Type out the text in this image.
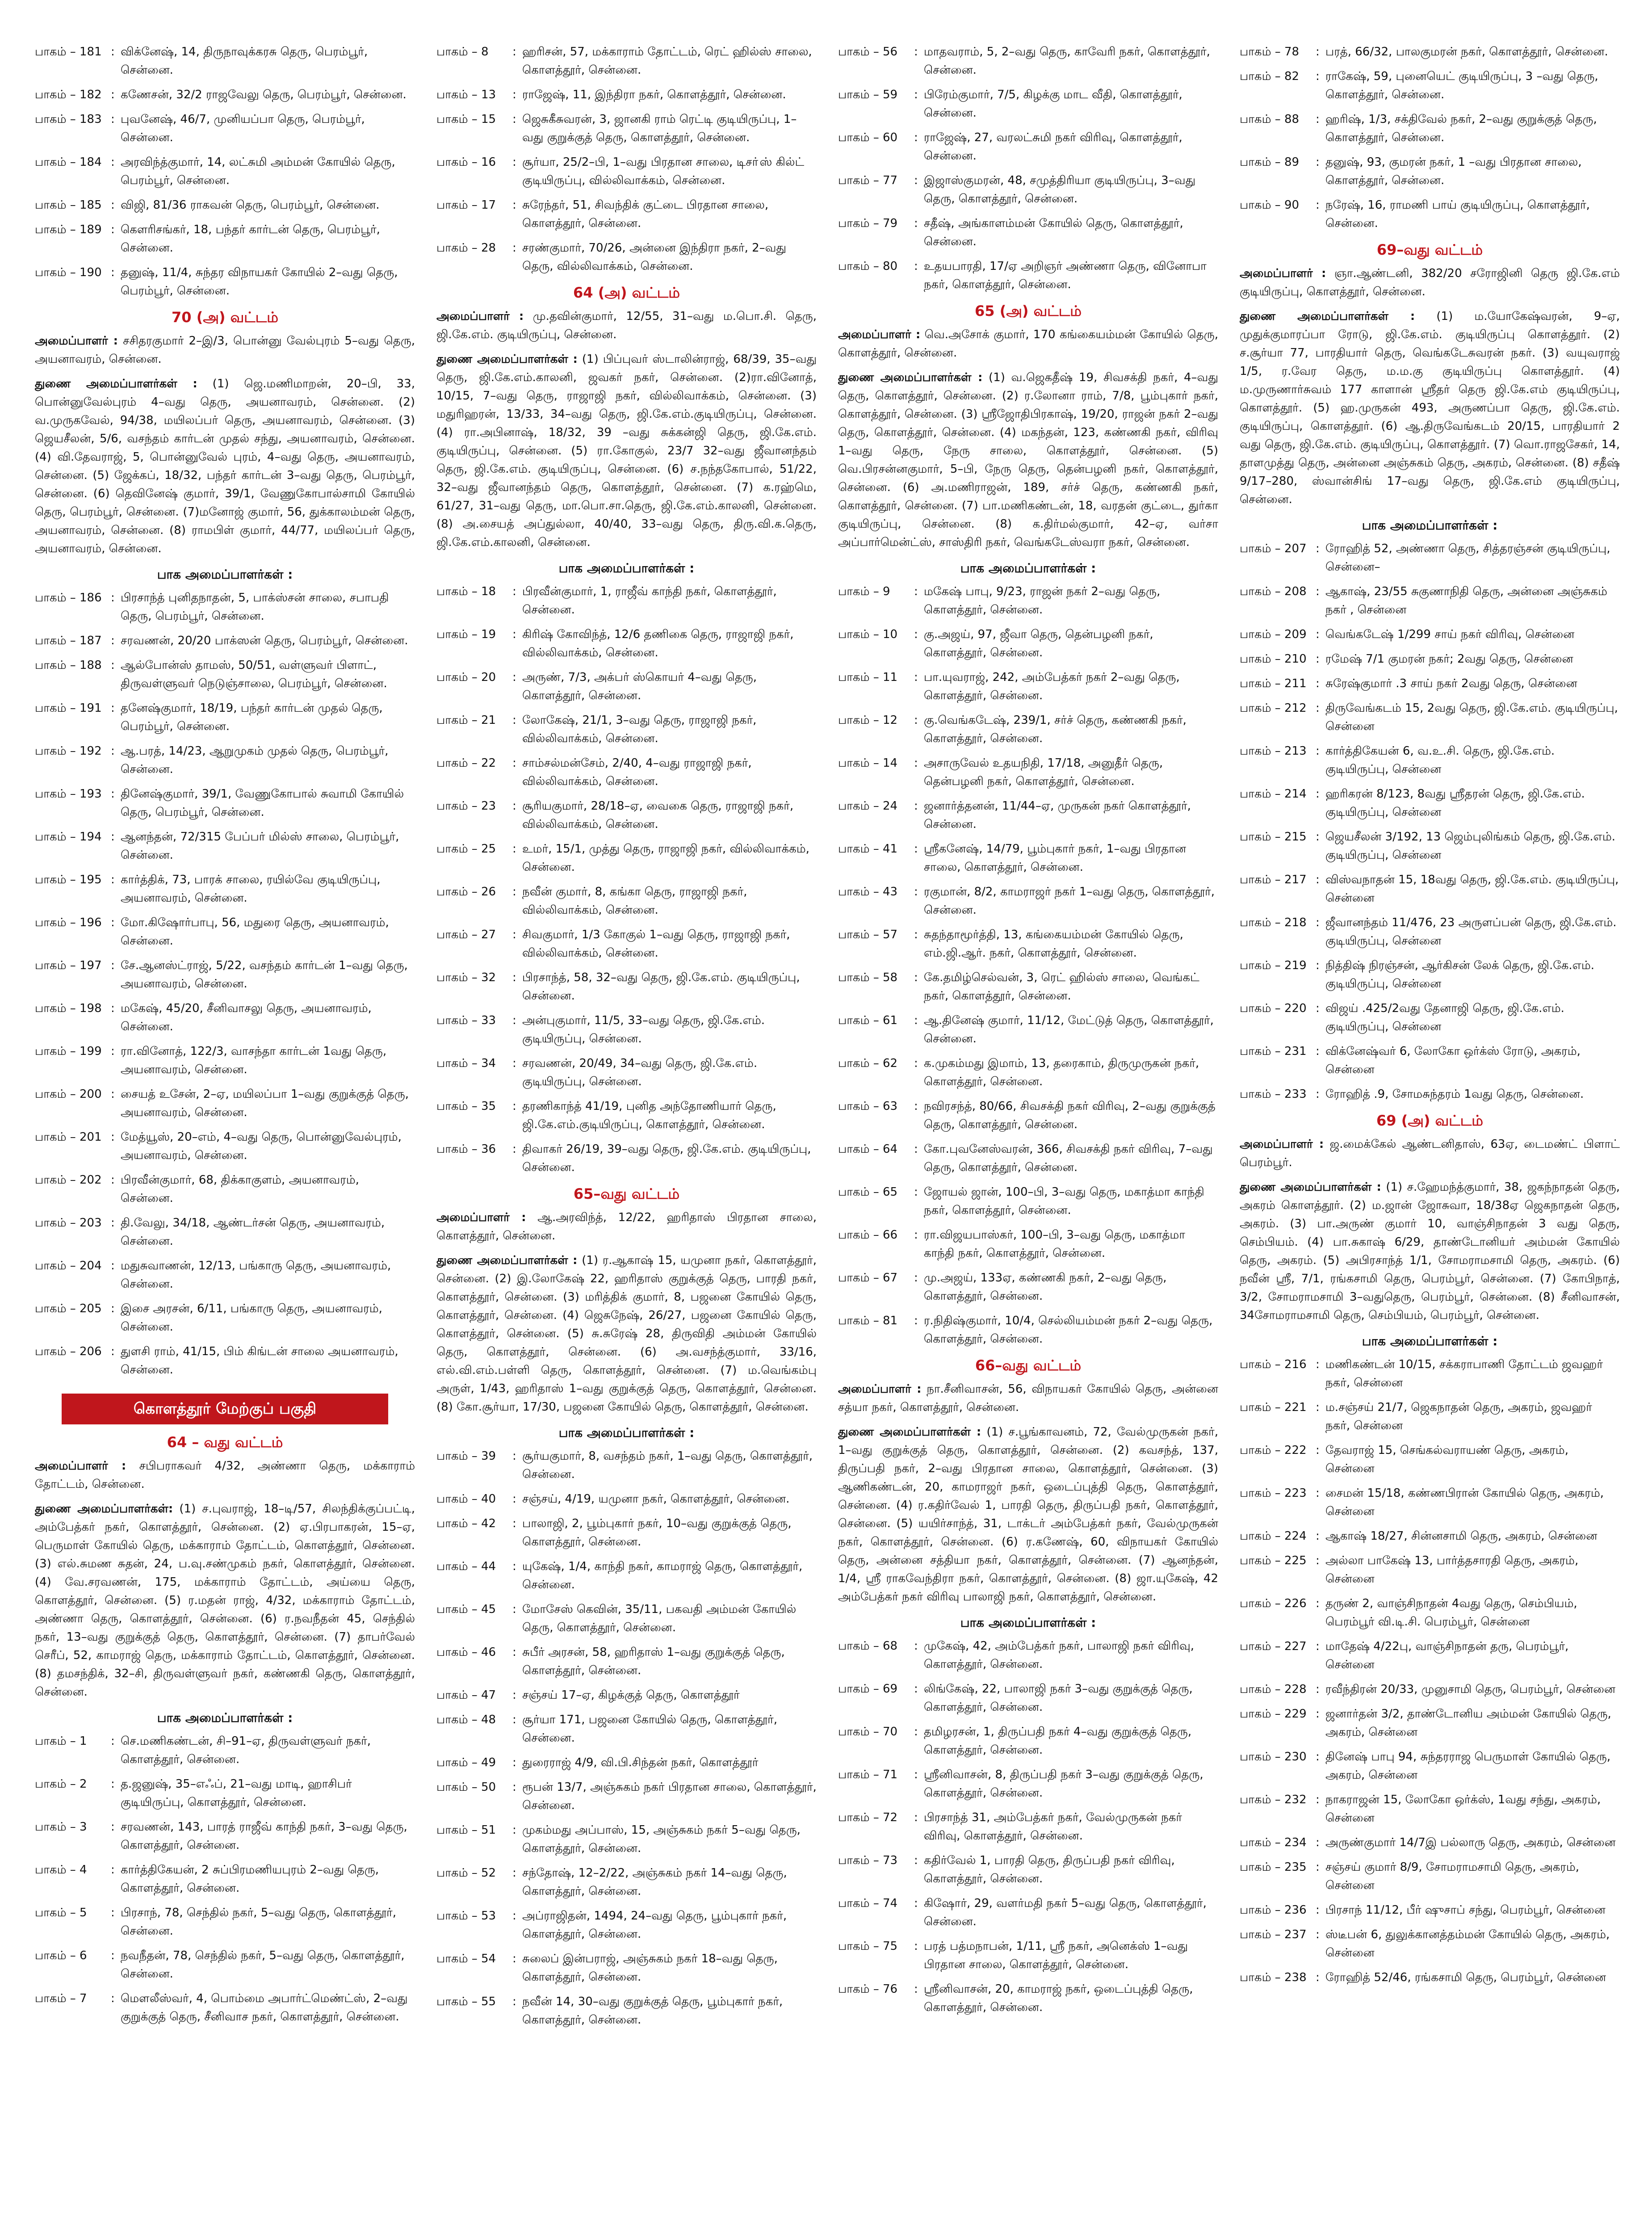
பாகம் – 181 : விக்னேஷ், 14, திருநாவுக்கரசு தெரு, பெரம்பூர், சென்னை.
பாகம் – 182 : கணேசன், 32/2 ராஜவேலு தெரு, பெரம்பூர், சென்னை.
பாகம் – 183 : புவனேஷ், 46/7, முனியப்பா தெரு, பெரம்பூர், சென்னை.
பாகம் – 184 : அரவிந்த்குமார், 14, லட்சுமி அம்மன் கோயில் தெரு, பெரம்பூர், சென்னை.
பாகம் – 185 : விஜி, 81/36 ராகவன் தெரு, பெரம்பூர், சென்னை.
பாகம் – 189 : கௌரிசங்கர், 18, பந்தர் கார்டன் தெரு, பெரம்பூர், சென்னை.
பாகம் – 190 : தனுஷ், 11/4, சுந்தர விநாயகர் கோயில் 2–வது தெரு, பெரம்பூர், சென்னை.
70 (அ) வட்டம்

அமைப்பாளர் : சசிதரகுமார் 2–இ/3, பொன்னு வேல்புரம் 5–வது தெரு, அயனாவரம், சென்னை.

துணை அமைப்பாளர்கள் : (1) ஜெ.மணிமாறன், 20–பி, 33, பொன்னுவேல்புரம் 4–வது தெரு, அயனாவரம், சென்னை. (2) வ.முருகவேல், 94/38, மயிலப்பர் தெரு, அயனாவரம், சென்னை. (3) ஜெயசீலன், 5/6, வசந்தம் கார்டன் முதல் சந்து, அயனாவரம், சென்னை. (4) வி.தேவராஜ், 5, பொன்னுவேல் புரம், 4–வது தெரு, அயனாவரம், சென்னை. (5) ஜேக்கப், 18/32, பந்தர் கார்டன் 3–வது தெரு, பெரம்பூர், சென்னை. (6) தெவினேஷ் குமார், 39/1, வேணுகோபால்சாமி கோயில் தெரு, பெரம்பூர், சென்னை. (7)மனோஜ் குமார், 56, துக்காலம்மன் தெரு, அயனாவரம், சென்னை. (8) ராமபிள் குமார், 44/77, மயிலப்பர் தெரு, அயனாவரம், சென்னை.

பாக அமைப்பாளர்கள் :
பாகம் – 186 : பிரசாந்த் புனிதநாதன், 5, பாக்ஸ்சன் சாலை, சபாபதி தெரு, பெரம்பூர், சென்னை.
பாகம் – 187 : சரவணன், 20/20 பாக்ஸன் தெரு, பெரம்பூர், சென்னை.
பாகம் – 188 : ஆல்போன்ஸ் தாமஸ், 50/51, வள்ளுவர் பிளாட், திருவள்ளுவர் நெடுஞ்சாலை, பெரம்பூர், சென்னை.
பாகம் – 191 : தனேஷ்குமார், 18/19, பந்தர் கார்டன் முதல் தெரு, பெரம்பூர், சென்னை.
பாகம் – 192 : ஆ.பரத், 14/23, ஆறுமுகம் முதல் தெரு, பெரம்பூர், சென்னை.
பாகம் – 193 : தினேஷ்குமார், 39/1, வேணுகோபால் சுவாமி கோயில் தெரு, பெரம்பூர், சென்னை.
பாகம் – 194 : ஆனந்தன், 72/315 பேப்பர் மில்ஸ் சாலை, பெரம்பூர், சென்னை.
பாகம் – 195 : கார்த்திக், 73, பாரக் சாலை, ரயில்வே குடியிருப்பு, அயனாவரம், சென்னை.
பாகம் – 196 : மோ.கிஷோர்பாபு, 56, மதுரை தெரு, அயனாவரம், சென்னை.
பாகம் – 197 : சே.ஆனஸ்ட்ராஜ், 5/22, வசந்தம் கார்டன் 1–வது தெரு, அயனாவரம், சென்னை.
பாகம் – 198 : மகேஷ், 45/20, சீனிவாசலு தெரு, அயனாவரம், சென்னை.
பாகம் – 199 : ரா.வினோத், 122/3, வாசந்தா கார்டன் 1வது தெரு, அயனாவரம், சென்னை.
பாகம் – 200 : சையத் உசேன், 2–ஏ, மயிலப்பா 1–வது குறுக்குத் தெரு, அயனாவரம், சென்னை.
பாகம் – 201 : மேத்யூஸ், 20–எம், 4–வது தெரு, பொன்னுவேல்புரம், அயனாவரம், சென்னை.
பாகம் – 202 : பிரவீன்குமார், 68, திக்காகுளம், அயனாவரம், சென்னை.
பாகம் – 203 : தி.வேலு, 34/18, ஆண்டர்சன் தெரு, அயனாவரம், சென்னை.
பாகம் – 204 : மதுசுவாணன், 12/13, பங்காரு தெரு, அயனாவரம், சென்னை.
பாகம் – 205 : இசை அரசன், 6/11, பங்காரு தெரு, அயனாவரம், சென்னை.
பாகம் – 206 : துளசி ராம், 41/15, பிம் கிங்டன் சாலை அயனாவரம், சென்னை.
கொளத்தூர் மேற்குப் பகுதி
64 – வது வட்டம்

அமைப்பாளர் : சபிபராகவர் 4/32, அண்ணா தெரு, மக்காராம் தோட்டம், சென்னை.

துணை அமைப்பாளர்கள்: (1) ச.புவராஜ், 18–டி/57, சிலந்திக்குப்பட்டி, அம்பேத்கர் நகர், கொளத்தூர், சென்னை. (2) ஏ.பிரபாகரன், 15–ஏ, பெருமாள் கோயில் தெரு, மக்காராம் தோட்டம், கொளத்தூர், சென்னை. (3) எல்.சுமண சுதன், 24, ப.வு.சண்முகம் நகர், கொளத்தூர், சென்னை. (4) வே.சரவணன், 175, மக்காராம் தோட்டம், அய்யை தெரு, கொளத்தூர், சென்னை. (5) ர.மதன் ராஜ், 4/32, மக்காராம் தோட்டம், அண்ணா தெரு, கொளத்தூர், சென்னை. (6) ர.நவநீதன் 45, செந்தில் நகர், 13–வது குறுக்குத் தெரு, கொளத்தூர், சென்னை. (7) தாபர்வேல் செரீப், 52, காமராஜ் தெரு, மக்காராம் தோட்டம், கொளத்தூர், சென்னை. (8) தமசந்திக், 32–சி, திருவள்ளுவர் நகர், கண்ணகி தெரு, கொளத்தூர், சென்னை.

பாக அமைப்பாளர்கள் :
பாகம் – 1	: செ.மணிகண்டன், சி–91–ஏ, திருவள்ளுவர் நகர், கொளத்தூர், சென்னை.
பாகம் – 2	: த.ஜனுஷ், 35–எஃப், 21–வது மாடி, ஹாசிபர் குடியிருப்பு, கொளத்தூர், சென்னை.
பாகம் – 3	: சரவணன், 143, பாரத் ராஜீவ் காந்தி நகர், 3–வது தெரு, கொளத்தூர், சென்னை.
பாகம் – 4	: கார்த்திகேயன், 2 சுப்பிரமணியபுரம் 2–வது தெரு, கொளத்தூர், சென்னை.
பாகம் – 5	: பிரசாந், 78, செந்தில் நகர், 5–வது தெரு, கொளத்தூர், சென்னை.
பாகம் – 6	: நவநீதன், 78, செந்தில் நகர், 5–வது தெரு, கொளத்தூர், சென்னை.
பாகம் – 7	: மௌலீஸ்வர், 4, பொம்மை அபார்ட்மெண்ட்ஸ், 2–வது குறுக்குத் தெரு, சீனிவாச நகர், கொளத்தூர், சென்னை.
பாகம் – 8	: ஹரிசன், 57, மக்காராம் தோட்டம், ரெட் ஹில்ஸ் சாலை, கொளத்தூர், சென்னை.
பாகம் – 13	: ராஜேஷ், 11, இந்திரா நகர், கொளத்தூர், சென்னை.
பாகம் – 15	: ஜெசுகீசுவரன், 3, ஜானகி ராம் ரெட்டி குடியிருப்பு, 1–வது குறுக்குத் தெரு, கொளத்தூர், சென்னை.
பாகம் – 16	: சூர்யா, 25/2–பி, 1–வது பிரதான சாலை, டிசா்ஸ் கில்ட் குடியிருப்பு, வில்லிவாக்கம், சென்னை.
பாகம் – 17	: சுரேந்தர், 51, சிவந்திக் குட்டை பிரதான சாலை, கொளத்தூர், சென்னை.
பாகம் – 28	: சரண்குமார், 70/26, அன்னை இந்திரா நகர், 2–வது தெரு, வில்லிவாக்கம், சென்னை.
64 (அ) வட்டம்

அமைப்பாளர் : மு.தவின்குமார், 12/55, 31–வது ம.பொ.சி. தெரு, ஜி.கே.எம். குடியிருப்பு, சென்னை.

துணை அமைப்பாளர்கள் : (1) பிப்புவர் ஸ்டாலின்ராஜ், 68/39, 35–வது தெரு, ஜி.கே.எம்.காலனி, ஜவகர் நகர், சென்னை. (2)ரா.வினோத், 10/15, 7–வது தெரு, ராஜாஜி நகர், வில்லிவாக்கம், சென்னை. (3) மதுரிஹரன், 13/33, 34–வது தெரு, ஜி.கே.எம்.குடியிருப்பு, சென்னை. (4) ரா.அபினாஷ், 18/32, 39 –வது சுக்கன்ஜி தெரு, ஜி.கே.எம். குடியிருப்பு, சென்னை. (5) ரா.கோகுல், 23/7 32–வது ஜீவானந்தம் தெரு, ஜி.கே.எம். குடியிருப்பு, சென்னை. (6) ச.நந்தகோபால், 51/22, 32–வது ஜீவானந்தம் தெரு, கொளத்தூர், சென்னை. (7) க.ரஹ்மெ, 61/27, 31–வது தெரு, மா.பொ.சா.தெரு, ஜி.கே.எம்.காலனி, சென்னை. (8) அ.சையத் அப்துல்லா, 40/40, 33–வது தெரு, திரு.வி.க.தெரு, ஜி.கே.எம்.காலனி, சென்னை.

பாக அமைப்பாளர்கள் :
பாகம் – 18	: பிரவீன்குமார், 1, ராஜீவ் காந்தி நகர், கொளத்தூர், சென்னை.
பாகம் – 19	: கிரிஷ் கோவிந்த், 12/6 தணிகை தெரு, ராஜாஜி நகர், வில்லிவாக்கம், சென்னை.
பாகம் – 20	: அருண், 7/3, அக்பர் ஸ்கொயர் 4–வது தெரு, கொளத்தூர், சென்னை.
பாகம் – 21	: லோகேஷ், 21/1, 3–வது தெரு, ராஜாஜி நகர், வில்லிவாக்கம், சென்னை.
பாகம் – 22	: சாம்சல்மன்சேம், 2/40, 4–வது ராஜாஜி நகர், வில்லிவாக்கம், சென்னை.
பாகம் – 23	: சூரியகுமார், 28/18–ஏ, வைகை தெரு, ராஜாஜி நகர், வில்லிவாக்கம், சென்னை.
பாகம் – 25	: உமர், 15/1, முத்து தெரு, ராஜாஜி நகர், வில்லிவாக்கம், சென்னை.
பாகம் – 26	: நவீன் குமார், 8, கங்கா தெரு, ராஜாஜி நகர், வில்லிவாக்கம், சென்னை.
பாகம் – 27	: சிவகுமார், 1/3 கோகுல் 1–வது தெரு, ராஜாஜி நகர், வில்லிவாக்கம், சென்னை.
பாகம் – 32	: பிரசாந்த், 58, 32–வது தெரு, ஜி.கே.எம். குடியிருப்பு, சென்னை.
பாகம் – 33	: அன்புகுமார், 11/5, 33–வது தெரு, ஜி.கே.எம். குடியிருப்பு, சென்னை.
பாகம் – 34	: சரவணன், 20/49, 34–வது தெரு, ஜி.கே.எம். குடியிருப்பு, சென்னை.
பாகம் – 35	: தரணிகாந்த் 41/19, புனித அந்தோணியார் தெரு, ஜி.கே.எம்.குடியிருப்பு, கொளத்தூர், சென்னை.
பாகம் – 36	: திவாகர் 26/19, 39–வது தெரு, ஜி.கே.எம். குடியிருப்பு, சென்னை.
65–வது வட்டம்

அமைப்பாளர் : ஆ.அரவிந்த், 12/22, ஹரிதாஸ் பிரதான சாலை, கொளத்தூர், சென்னை.

துணை அமைப்பாளர்கள் : (1) ர.ஆகாஷ் 15, யமுனா நகர், கொளத்தூர், சென்னை. (2) இ.லோகேஷ் 22, ஹரிதாஸ் குறுக்குத் தெரு, பாரதி நகர், கொளத்தூர், சென்னை. (3) மரித்திக் குமார், 8, பஜனை கோயில் தெரு, கொளத்தூர், சென்னை. (4) ஜெசுநேஷ், 26/27, பஜனை கோயில் தெரு, கொளத்தூர், சென்னை. (5) சு.சுரேஷ் 28, திருவிதி அம்மன் கோயில் தெரு, கொளத்தூர், சென்னை. (6) அ.வசந்த்குமார், 33/16, எல்.வி.எம்.பள்ளி தெரு, கொளத்தூர், சென்னை. (7) ம.வெங்கம்பு அருள், 1/43, ஹரிதாஸ் 1–வது குறுக்குத் தெரு, கொளத்தூர், சென்னை. (8) கோ.சூர்யா, 17/30, பஜனை கோயில் தெரு, கொளத்தூர், சென்னை.

பாக அமைப்பாளர்கள் :
பாகம் – 39	: சூர்யகுமார், 8, வசந்தம் நகர், 1–வது தெரு, கொளத்தூர், சென்னை.
பாகம் – 40	: சஞ்சய், 4/19, யமுனா நகர், கொளத்தூர், சென்னை.
பாகம் – 42	: பாலாஜி, 2, பூம்புகார் நகர், 10–வது குறுக்குத் தெரு, கொளத்தூர், சென்னை.
பாகம் – 44	: யுகேஷ், 1/4, காந்தி நகர், காமராஜ் தெரு, கொளத்தூர், சென்னை.
பாகம் – 45	: மோசேஸ் கெவின், 35/11, பகவதி அம்மன் கோயில் தெரு, கொளத்தூர், சென்னை.
பாகம் – 46	: சுபீர் அரசன், 58, ஹரிதாஸ் 1–வது குறுக்குத் தெரு, கொளத்தூர், சென்னை.
பாகம் – 47	: சஞ்சய் 17–ஏ, கிழக்குத் தெரு, கொளத்தூர்
பாகம் – 48	: சூர்யா 171, பஜனை கோயில் தெரு, கொளத்தூர், சென்னை.
பாகம் – 49	: துரைராஜ் 4/9, வி.பி.சிந்தன் நகர், கொளத்தூர்
பாகம் – 50	: ரூபன் 13/7, அஞ்சுகம் நகர் பிரதான சாலை, கொளத்தூர், சென்னை.
பாகம் – 51	: முகம்மது அப்பாஸ், 15, அஞ்சுகம் நகர் 5–வது தெரு, கொளத்தூர், சென்னை.
பாகம் – 52	: சந்தோஷ், 12–2/22, அஞ்சுகம் நகர் 14–வது தெரு, கொளத்தூர், சென்னை.
பாகம் – 53	: அப்ராஜிதன், 1494, 24–வது தெரு, பூம்புகார் நகர், கொளத்தூர், சென்னை.
பாகம் – 54	: சுலைப் இன்பராஜ், அஞ்சுகம் நகர் 18–வது தெரு, கொளத்தூர், சென்னை.
பாகம் – 55	: நவீன் 14, 30–வது குறுக்குத் தெரு, பூம்புகார் நகர், கொளத்தூர், சென்னை.
பாகம் – 56	: மாதவராம், 5, 2–வது தெரு, காவேரி நகர், கொளத்தூர், சென்னை.
பாகம் – 59	: பிரேம்குமார், 7/5, கிழக்கு மாட வீதி, கொளத்தூர், சென்னை.
பாகம் – 60	: ராஜேஷ், 27, வரலட்சுமி நகர் விரிவு, கொளத்தூர், சென்னை.
பாகம் – 77	: இஜாஸ்குமரன், 48, சமுத்திரியா குடியிருப்பு, 3–வது தெரு, கொளத்தூர், சென்னை.
பாகம் – 79	: சதீஷ், அங்காளம்மன் கோயில் தெரு, கொளத்தூர், சென்னை.
பாகம் – 80	: உதயபாரதி, 17/ஏ அறிஞர் அண்ணா தெரு, வினோபா நகர், கொளத்தூர், சென்னை.
65 (அ) வட்டம்

அமைப்பாளர் : வெ.அசோக் குமார், 170 கங்கையம்மன் கோயில் தெரு, கொளத்தூர், சென்னை.

துணை அமைப்பாளர்கள் : (1) வ.ஜெகதீஷ் 19, சிவசக்தி நகர், 4–வது தெரு, கொளத்தூர், சென்னை. (2) ர.லோனா ராம், 7/8, பூம்புகார் நகர், கொளத்தூர், சென்னை. (3) ஸ்ரீஜோதிபிரகாஷ், 19/20, ராஜன் நகர் 2–வது தெரு, கொளத்தூர், சென்னை. (4) மகந்தன், 123, கண்ணகி நகர், விரிவு 1–வது தெரு, நேரு சாலை, கொளத்தூர், சென்னை. (5) வெ.பிரசன்னகுமார், 5–பி, நேரு தெரு, தென்பழனி நகர், கொளத்தூர், சென்னை. (6) அ.மணிராஜன், 189, சர்ச் தெரு, கண்ணகி நகர், கொளத்தூர், சென்னை. (7) பா.மணிகண்டன், 18, வரதன் குட்டை, துர்கா குடியிருப்பு, சென்னை. (8) க.திர்மல்குமார், 42–ஏ, வர்சா அப்பார்மென்ட்ஸ், சாஸ்திரி நகர், வெங்கடேஸ்வரா நகர், சென்னை.

பாக அமைப்பாளர்கள் :
பாகம் – 9	: மகேஷ் பாபு, 9/23, ராஜன் நகர் 2–வது தெரு, கொளத்தூர், சென்னை.
பாகம் – 10	: கு.அஜய், 97, ஜீவா தெரு, தென்பழனி நகர், கொளத்தூர், சென்னை.
பாகம் – 11	: பா.யுவராஜ், 242, அம்பேத்கர் நகர் 2–வது தெரு, கொளத்தூர், சென்னை.
பாகம் – 12	: கு.வெங்கடேஷ், 239/1, சர்ச் தெரு, கண்ணகி நகர், கொளத்தூர், சென்னை.
பாகம் – 14	: அசாருவேல் உதயநிதி, 17/18, அனுதீர் தெரு, தென்பழனி நகர், கொளத்தூர், சென்னை.
பாகம் – 24	: ஜனார்த்தனன், 11/44–ஏ, முருகன் நகர் கொளத்தூர், சென்னை.
பாகம் – 41	: ஸ்ரீகனேஷ், 14/79, பூம்புகார் நகர், 1–வது பிரதான சாலை, கொளத்தூர், சென்னை.
பாகம் – 43	: ரகுமான், 8/2, காமராஜர் நகர் 1–வது தெரு, கொளத்தூர், சென்னை.
பாகம் – 57	: சுதந்தாமூர்த்தி, 13, கங்கையம்மன் கோயில் தெரு, எம்.ஜி.ஆர். நகர், கொளத்தூர், சென்னை.
பாகம் – 58	: கே.தமிழ்செல்வன், 3, ரெட் ஹில்ஸ் சாலை, வெங்கட் நகர், கொளத்தூர், சென்னை.
பாகம் – 61	: ஆ.தினேஷ் குமார், 11/12, மேட்டுத் தெரு, கொளத்தூர், சென்னை.
பாகம் – 62	: க.முகம்மது இமாம், 13, தரைகாம், திருமுருகன் நகர், கொளத்தூர், சென்னை.
பாகம் – 63	: நவிரசந்த், 80/66, சிவசக்தி நகர் விரிவு, 2–வது குறுக்குத் தெரு, கொளத்தூர், சென்னை.
பாகம் – 64	: கோ.புவனேஸ்வரன், 366, சிவசக்தி நகர் விரிவு, 7–வது தெரு, கொளத்தூர், சென்னை.
பாகம் – 65	: ஜோயல் ஜான், 100–பி, 3–வது தெரு, மகாத்மா காந்தி நகர், கொளத்தூர், சென்னை.
பாகம் – 66	: ரா.விஜயபாஸ்கர், 100–பி, 3–வது தெரு, மகாத்மா காந்தி நகர், கொளத்தூர், சென்னை.
பாகம் – 67	: மு.அஜய், 133ஏ, கண்ணகி நகர், 2–வது தெரு, கொளத்தூர், சென்னை.
பாகம் – 81	: ர.நிதிஷ்குமார், 10/4, செல்லியம்மன் நகர் 2–வது தெரு, கொளத்தூர், சென்னை.
66–வது வட்டம்

அமைப்பாளர் : நா.சீனிவாசன், 56, விநாயகர் கோயில் தெரு, அன்னை சத்யா நகர், கொளத்தூர், சென்னை.

துணை அமைப்பாளர்கள் : (1) ச.பூங்காவனம், 72, வேல்முருகன் நகர், 1–வது குறுக்குத் தெரு, கொளத்தூர், சென்னை. (2) கவசந்த், 137, திருப்பதி நகர், 2–வது பிரதான சாலை, கொளத்தூர், சென்னை. (3) ஆணிகண்டன், 20, காமராஜர் நகர், ஒடைப்புத்தி தெரு, கொளத்தூர், சென்னை. (4) ர.கதிர்வேல் 1, பாரதி தெரு, திருப்பதி நகர், கொளத்தூர், சென்னை. (5) யயிர்சாந்த், 31, டாக்டர் அம்பேத்கர் நகர், வேல்முருகன் நகர், கொளத்தூர், சென்னை. (6) ர.கணேஷ், 60, விநாயகர் கோயில் தெரு, அன்னை சத்தியா நகர், கொளத்தூர், சென்னை. (7) ஆனந்தன், 1/4, ஸ்ரீ ராகவேந்திரா நகர், கொளத்தூர், சென்னை. (8) ஜா.யுகேஷ், 42 அம்பேத்கர் நகர் விரிவு பாலாஜி நகர், கொளத்தூர், சென்னை.

பாக அமைப்பாளர்கள் :
பாகம் – 68	: முகேஷ், 42, அம்பேத்கர் நகர், பாலாஜி நகர் விரிவு, கொளத்தூர், சென்னை.
பாகம் – 69	: லிங்கேஷ், 22, பாலாஜி நகர் 3–வது குறுக்குத் தெரு, கொளத்தூர், சென்னை.
பாகம் – 70	: தமிழரசன், 1, திருப்பதி நகர் 4–வது குறுக்குத் தெரு, கொளத்தூர், சென்னை.
பாகம் – 71	: ஸ்ரீனிவாசன், 8, திருப்பதி நகர் 3–வது குறுக்குத் தெரு, கொளத்தூர், சென்னை.
பாகம் – 72	: பிரசாந்த் 31, அம்பேத்கர் நகர், வேல்முருகன் நகர் விரிவு, கொளத்தூர், சென்னை.
பாகம் – 73	: கதிர்வேல் 1, பாரதி தெரு, திருப்பதி நகர் விரிவு, கொளத்தூர், சென்னை.
பாகம் – 74	: கிஷோர், 29, வளர்மதி நகர் 5–வது தெரு, கொளத்தூர், சென்னை.
பாகம் – 75	: பரத் பத்மநாபன், 1/11, ஸ்ரீ நகர், அனெக்ஸ் 1–வது பிரதான சாலை, கொளத்தூர், சென்னை.
பாகம் – 76	: ஸ்ரீனிவாசன், 20, காமராஜ் நகர், ஒடைப்புத்தி தெரு, கொளத்தூர், சென்னை.
பாகம் – 78	: பரத், 66/32, பாலகுமரன் நகர், கொளத்தூர், சென்னை.
பாகம் – 82	: ராகேஷ், 59, புனையெட் குடியிருப்பு, 3 –வது தெரு, கொளத்தூர், சென்னை.
பாகம் – 88	: ஹரிஷ், 1/3, சக்திவேல் நகர், 2–வது குறுக்குத் தெரு, கொளத்தூர், சென்னை.
பாகம் – 89	: தனுஷ், 93, குமரன் நகர், 1 –வது பிரதான சாலை, கொளத்தூர், சென்னை.
பாகம் – 90	: நரேஷ், 16, ராமணி பாய் குடியிருப்பு, கொளத்தூர், சென்னை.
69–வது வட்டம்

அமைப்பாளர் : ஞா.ஆண்டனி, 382/20 சரோஜினி தெரு ஜி.கே.எம் குடியிருப்பு, கொளத்தூர், சென்னை.

துணை அமைப்பாளர்கள் : (1) ம.யோகேஷ்வரன், 9–ஏ, முதுக்குமாரப்பா ரோடு, ஜி.கே.எம். குடியிருப்பு கொளத்தூர். (2) ச.சூர்யா 77, பாரதியார் தெரு, வெங்கடேசுவரன் நகர். (3) வயுவராஜ் 1/5, ர.வேர தெரு, ம.ம.கு குடியிருப்பு கொளத்தூர். (4) ம.முருணார்சுவம் 177 காளான் ஸ்ரீதர் தெரு ஜி.கே.எம் குடியிருப்பு, கொளத்தூர். (5) ஹ.முருகன் 493, அருணப்பா தெரு, ஜி.கே.எம். குடியிருப்பு, கொளத்தூர். (6) ஆ.திருவேங்கடம் 20/15, பாரதியார் 2 வது தெரு, ஜி.கே.எம். குடியிருப்பு, கொளத்தூர். (7) வொ.ராஜசேகர், 14, தாளமுத்து தெரு, அன்னை அஞ்சுகம் தெரு, அகரம், சென்னை. (8) சதீஷ் 9/17–280, ஸ்வான்சிங் 17–வது தெரு, ஜி.கே.எம் குடியிருப்பு, சென்னை.

பாக அமைப்பாளர்கள் :
பாகம் – 207 : ரோஹித் 52, அண்ணா தெரு, சித்தரஞ்சன் குடியிருப்பு, சென்னை–
பாகம் – 208 : ஆகாஷ், 23/55 சுகுணாநிதி தெரு, அன்னை அஞ்சுகம் நகர் , சென்னை
பாகம் – 209 : வெங்கடேஷ் 1/299 சாய் நகர் விரிவு, சென்னை
பாகம் – 210 : ரமேஷ் 7/1 குமரன் நகர்; 2வது தெரு, சென்னை
பாகம் – 211 : சுரேஷ்குமார் .3 சாய் நகர் 2வது தெரு, சென்னை
பாகம் – 212 : திருவேங்கடம் 15, 2வது தெரு, ஜி.கே.எம். குடியிருப்பு, சென்னை
பாகம் – 213 : கார்த்திகேயன் 6, வ.உ.சி. தெரு, ஜி.கே.எம். குடியிருப்பு, சென்னை
பாகம் – 214 : ஹரிகரன் 8/123, 8வது ஸ்ரீதரன் தெரு, ஜி.கே.எம். குடியிருப்பு, சென்னை
பாகம் – 215 : ஜெயசீலன் 3/192, 13 ஜெம்புலிங்கம் தெரு, ஜி.கே.எம். குடியிருப்பு, சென்னை
பாகம் – 217 : விஸ்வநாதன் 15, 18வது தெரு, ஜி.கே.எம். குடியிருப்பு, சென்னை
பாகம் – 218 : ஜீவானந்தம் 11/476, 23 அருளப்பன் தெரு, ஜி.கே.எம். குடியிருப்பு, சென்னை
பாகம் – 219 : நித்திஷ் நிரஞ்சன், ஆர்கிசன் லேக் தெரு, ஜி.கே.எம். குடியிருப்பு, சென்னை
பாகம் – 220 : விஜய் .425/2வது தேனாஜி தெரு, ஜி.கே.எம். குடியிருப்பு, சென்னை
பாகம் – 231 : விக்னேஷ்வர் 6, லோகோ ஒர்க்ஸ் ரோடு, அகரம், சென்னை
பாகம் – 233 : ரோஹித் .9, சோமசுந்தரம் 1வது தெரு, சென்னை.
69 (அ) வட்டம்

அமைப்பாளர் : ஜ.மைக்கேல் ஆண்டனிதாஸ், 63ஏ, டைமண்ட் பிளாட் பெரம்பூர்.

துணை அமைப்பாளர்கள் : (1) ச.ஹேமந்த்குமார், 38, ஜகந்நாதன் தெரு, அகரம் கொளத்தூர். (2) ம.ஜான் ஜோசுவா, 18/38ஏ ஜெகநாதன் தெரு, அகரம். (3) பா.அருண் குமார் 10, வாஞ்சிநாதன் 3 வது தெரு, செம்பியம். (4) பா.சுகாஷ் 6/29, தாண்டோனியர் அம்மன் கோயில் தெரு, அகரம். (5) அபிரசாந்த் 1/1, சோமராமசாமி தெரு, அகரம். (6) நவீன் ஸ்ரீ, 7/1, ரங்கசாமி தெரு, பெரம்பூர், சென்னை. (7) கோபிநாத், 3/2, சோமராமசாமி 3–வதுதெரு, பெரம்பூர், சென்னை. (8) சீனிவாசன், 34சோமராமசாமி தெரு, செம்பியம், பெரம்பூர், சென்னை.

பாக அமைப்பாளர்கள் :
பாகம் – 216 : மணிகண்டன் 10/15, சக்கராபாணி தோட்டம் ஜவஹர் நகர், சென்னை
பாகம் – 221 : ம.சஞ்சய் 21/7, ஜெகநாதன் தெரு, அகரம், ஜவஹர் நகர், சென்னை
பாகம் – 222 : தேவராஜ் 15, செங்கல்வராயண் தெரு, அகரம், சென்னை
பாகம் – 223 : சைமன் 15/18, கண்ணபிரான் கோயில் தெரு, அகரம், சென்னை
பாகம் – 224 : ஆகாஷ் 18/27, சின்னசாமி தெரு, அகரம், சென்னை
பாகம் – 225 : அல்லா பாகேஷ் 13, பார்த்தசாரதி தெரு, அகரம், சென்னை
பாகம் – 226 : தருண் 2, வாஞ்சிநாதன் 4வது தெரு, செம்பியம், பெரம்பூர் வி.டி.சி. பெரம்பூர், சென்னை
பாகம் – 227 : மாதேஷ் 4/22பு, வாஞ்சிநாதன் தரு, பெரம்பூர், சென்னை
பாகம் – 228 : ரவீந்திரன் 20/33, முனுசாமி தெரு, பெரம்பூர், சென்னை
பாகம் – 229 : ஜனார்தன் 3/2, தாண்டோனிய அம்மன் கோயில் தெரு, அகரம், சென்னை
பாகம் – 230 : தினேஷ் பாபு 94, சுந்தரராஜ பெருமாள் கோயில் தெரு, அகரம், சென்னை
பாகம் – 232 : நாகராஜன் 15, லோகோ ஒர்க்ஸ், 1வது சந்து, அகரம், சென்னை
பாகம் – 234 : அருண்குமார் 14/7இ பல்லாரு தெரு, அகரம், சென்னை
பாகம் – 235 : சஞ்சய் குமார் 8/9, சோமராமசாமி தெரு, அகரம், சென்னை
பாகம் – 236 : பிரசாந் 11/12, பீர் ஷுசாப் சந்து, பெரம்பூர், சென்னை
பாகம் – 237 : ஸ்டீபன் 6, துலுக்கானத்தம்மன் கோயில் தெரு, அகரம், சென்னை
பாகம் – 238 : ரோஹித் 52/46, ரங்கசாமி தெரு, பெரம்பூர், சென்னை
